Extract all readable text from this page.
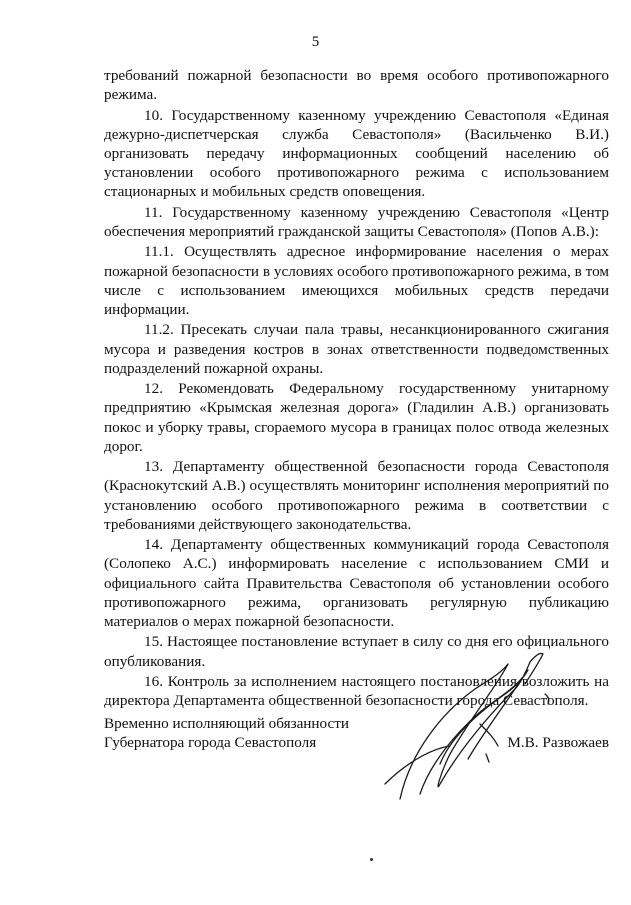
5

требований пожарной безопасности во время особого противопожарного режима.

10. Государственному казенному учреждению Севастополя «Единая дежурно-диспетчерская служба Севастополя» (Васильченко В.И.) организовать передачу информационных сообщений населению об установлении особого противопожарного режима с использованием стационарных и мобильных средств оповещения.

11. Государственному казенному учреждению Севастополя «Центр обеспечения мероприятий гражданской защиты Севастополя» (Попов А.В.):

11.1. Осуществлять адресное информирование населения о мерах пожарной безопасности в условиях особого противопожарного режима, в том числе с использованием имеющихся мобильных средств передачи информации.

11.2. Пресекать случаи пала травы, несанкционированного сжигания мусора и разведения костров в зонах ответственности подведомственных подразделений пожарной охраны.

12. Рекомендовать Федеральному государственному унитарному предприятию «Крымская железная дорога» (Гладилин А.В.) организовать покос и уборку травы, сгораемого мусора в границах полос отвода железных дорог.

13. Департаменту общественной безопасности города Севастополя (Краснокутский А.В.) осуществлять мониторинг исполнения мероприятий по установлению особого противопожарного режима в соответствии с требованиями действующего законодательства.

14. Департаменту общественных коммуникаций города Севастополя (Солопеко А.С.) информировать население с использованием СМИ и официального сайта Правительства Севастополя об установлении особого противопожарного режима, организовать регулярную публикацию материалов о мерах пожарной безопасности.

15. Настоящее постановление вступает в силу со дня его официального опубликования.

16. Контроль за исполнением настоящего постановления возложить на директора Департамента общественной безопасности города Севастополя.

Временно исполняющий обязанности
Губернатора города Севастополя	М.В. Развожаев
